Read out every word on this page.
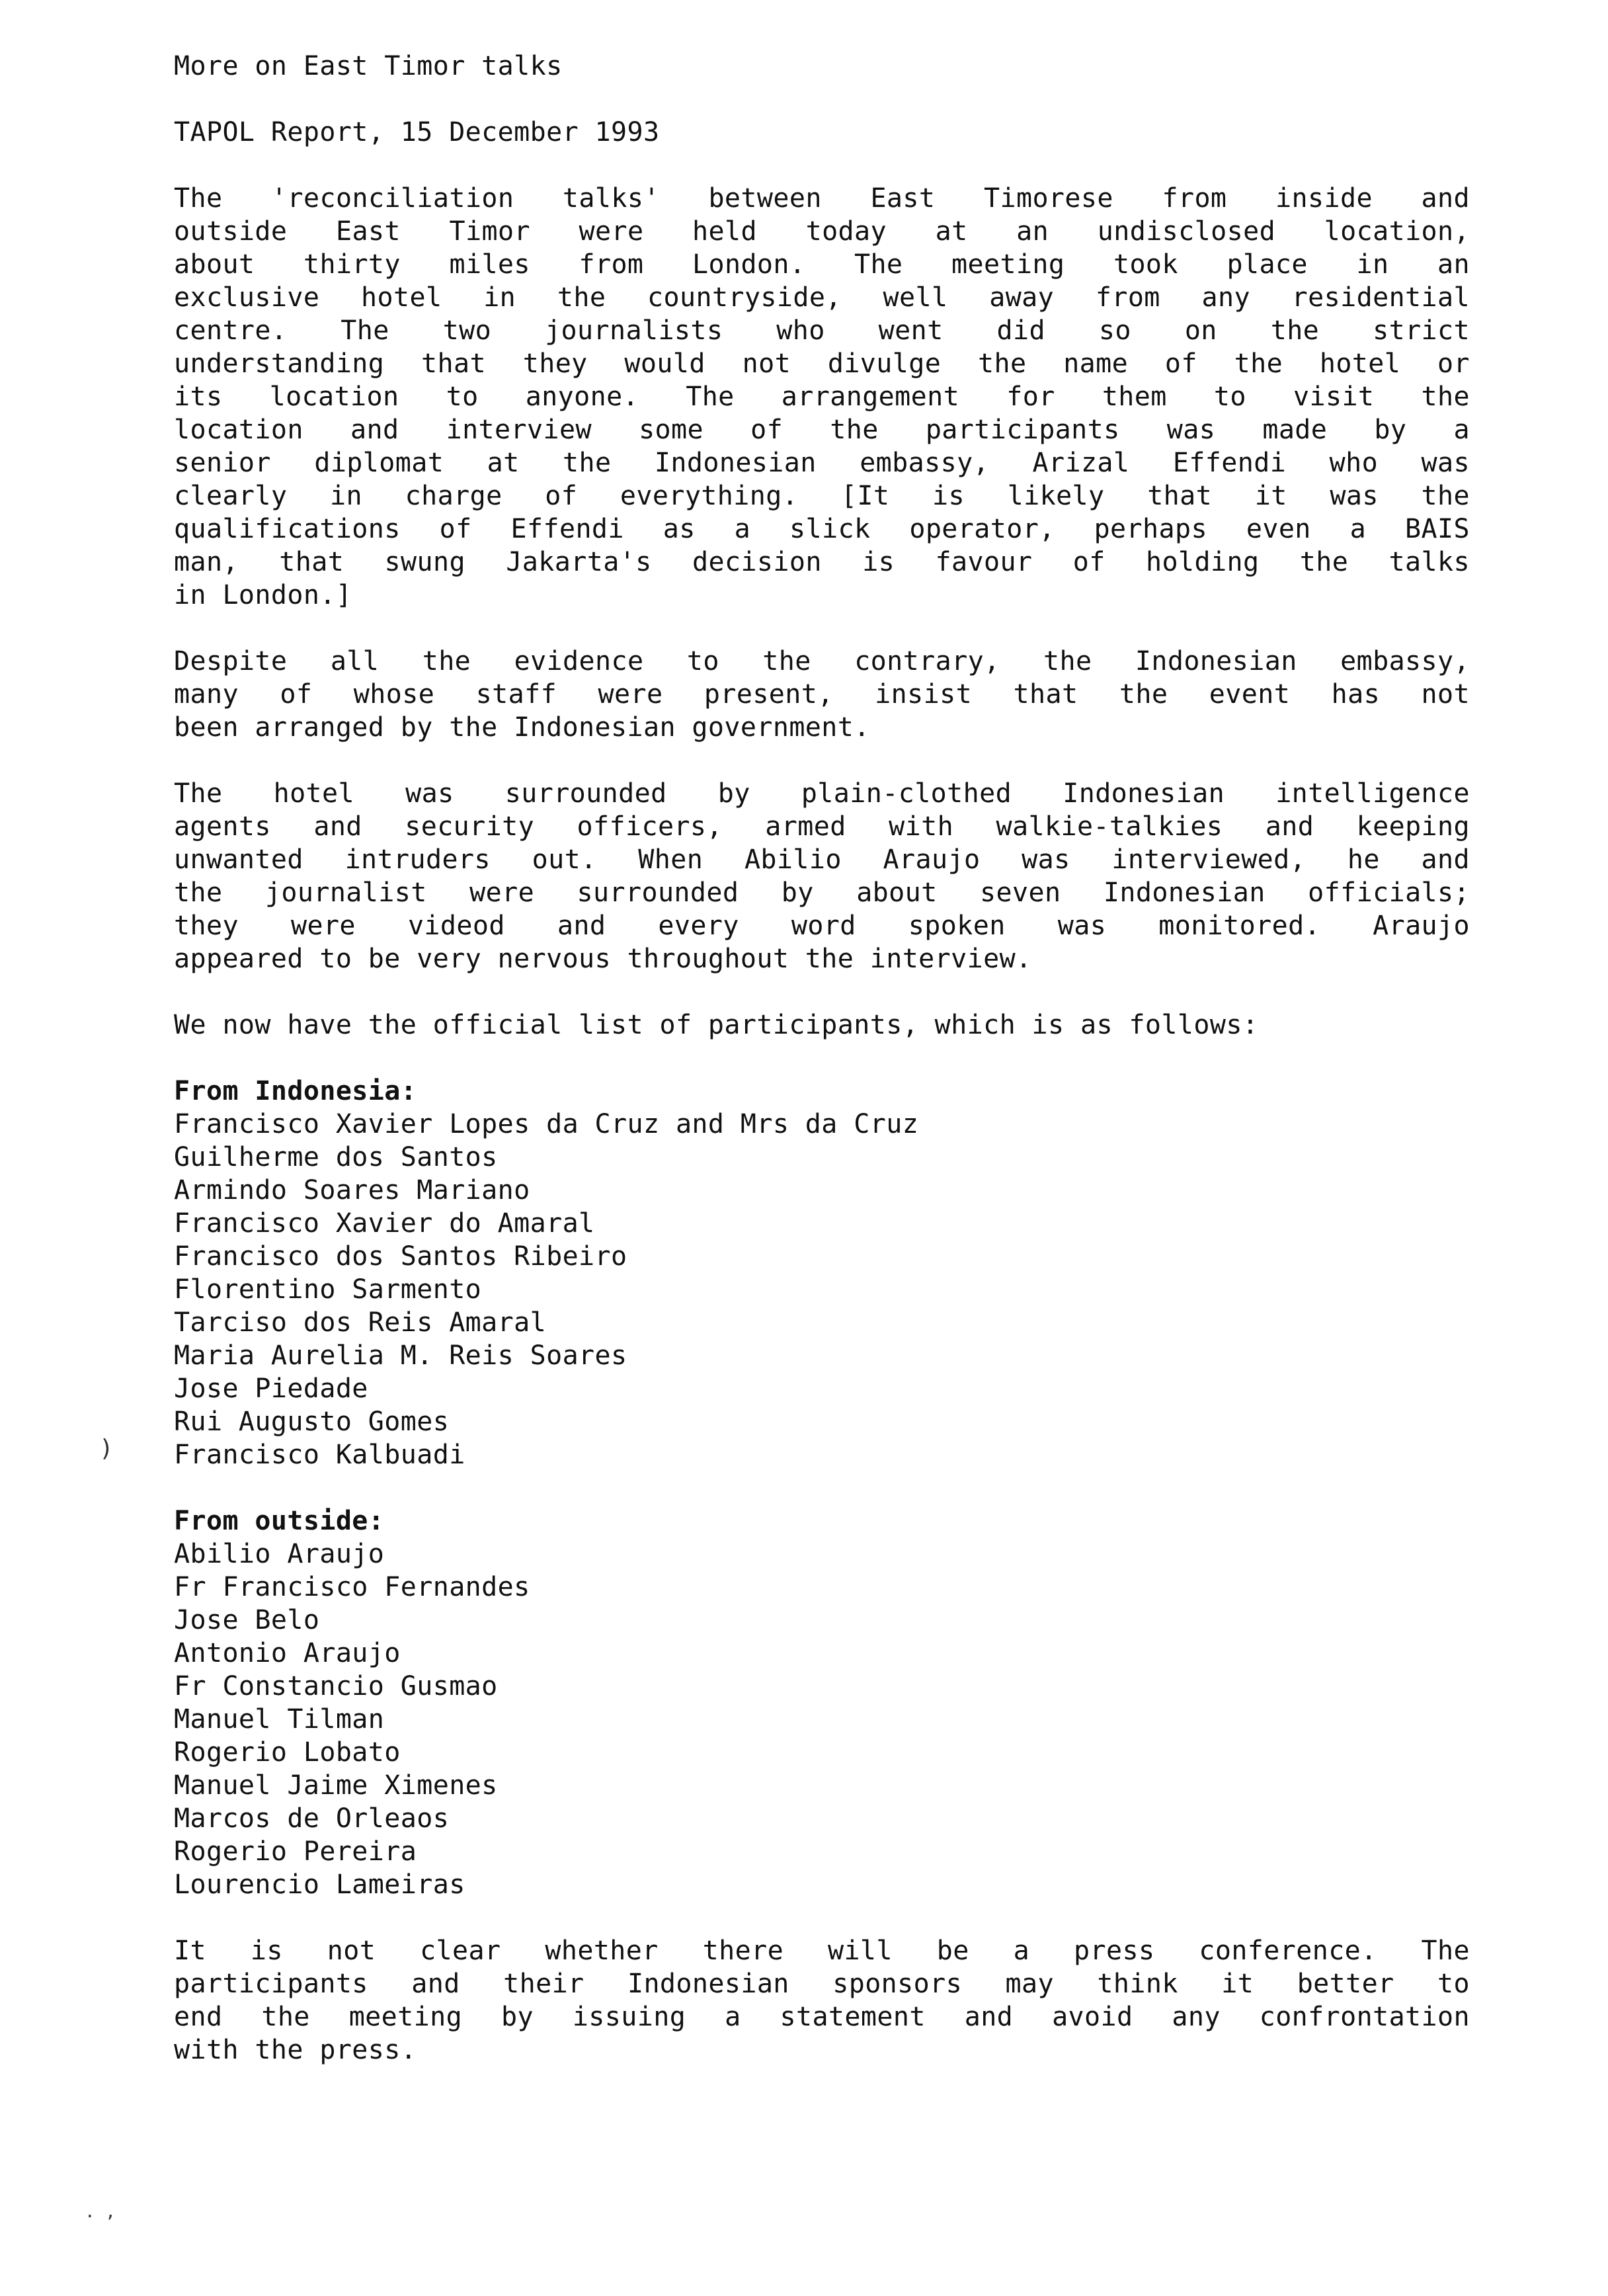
More on East Timor talks

TAPOL Report, 15 December 1993

The 'reconciliation talks' between East Timorese from inside and
outside East Timor were held today at an undisclosed location,
about thirty miles from London. The meeting took place in an
exclusive hotel in the countryside, well away from any residential
centre. The two journalists who went did so on the strict
understanding that they would not divulge the name of the hotel or
its location to anyone. The arrangement for them to visit the
location and interview some of the participants was made by a
senior diplomat at the Indonesian embassy, Arizal Effendi who was
clearly in charge of everything. [It is likely that it was the
qualifications of Effendi as a slick operator, perhaps even a BAIS
man, that swung Jakarta's decision is favour of holding the talks
in London.]
Despite all the evidence to the contrary, the Indonesian embassy,
many of whose staff were present, insist that the event has not
been arranged by the Indonesian government.
The hotel was surrounded by plain-clothed Indonesian intelligence
agents and security officers, armed with walkie-talkies and keeping
unwanted intruders out. When Abilio Araujo was interviewed, he and
the journalist were surrounded by about seven Indonesian officials;
they were videod and every word spoken was monitored. Araujo
appeared to be very nervous throughout the interview.

We now have the official list of participants, which is as follows:

From Indonesia:

Francisco Xavier Lopes da Cruz and Mrs da Cruz
Guilherme dos Santos
Armindo Soares Mariano
Francisco Xavier do Amaral
Francisco dos Santos Ribeiro
Florentino Sarmento
Tarciso dos Reis Amaral
Maria Aurelia M. Reis Soares
Jose Piedade
Rui Augusto Gomes
Francisco Kalbuadi

From outside:

Abilio Araujo
Fr Francisco Fernandes
Jose Belo
Antonio Araujo
Fr Constancio Gusmao
Manuel Tilman
Rogerio Lobato
Manuel Jaime Ximenes
Marcos de Orleaos
Rogerio Pereira
Lourencio Lameiras
It is not clear whether there will be a press conference. The
participants and their Indonesian sponsors may think it better to
end the meeting by issuing a statement and avoid any confrontation
with the press.
)
. ,
